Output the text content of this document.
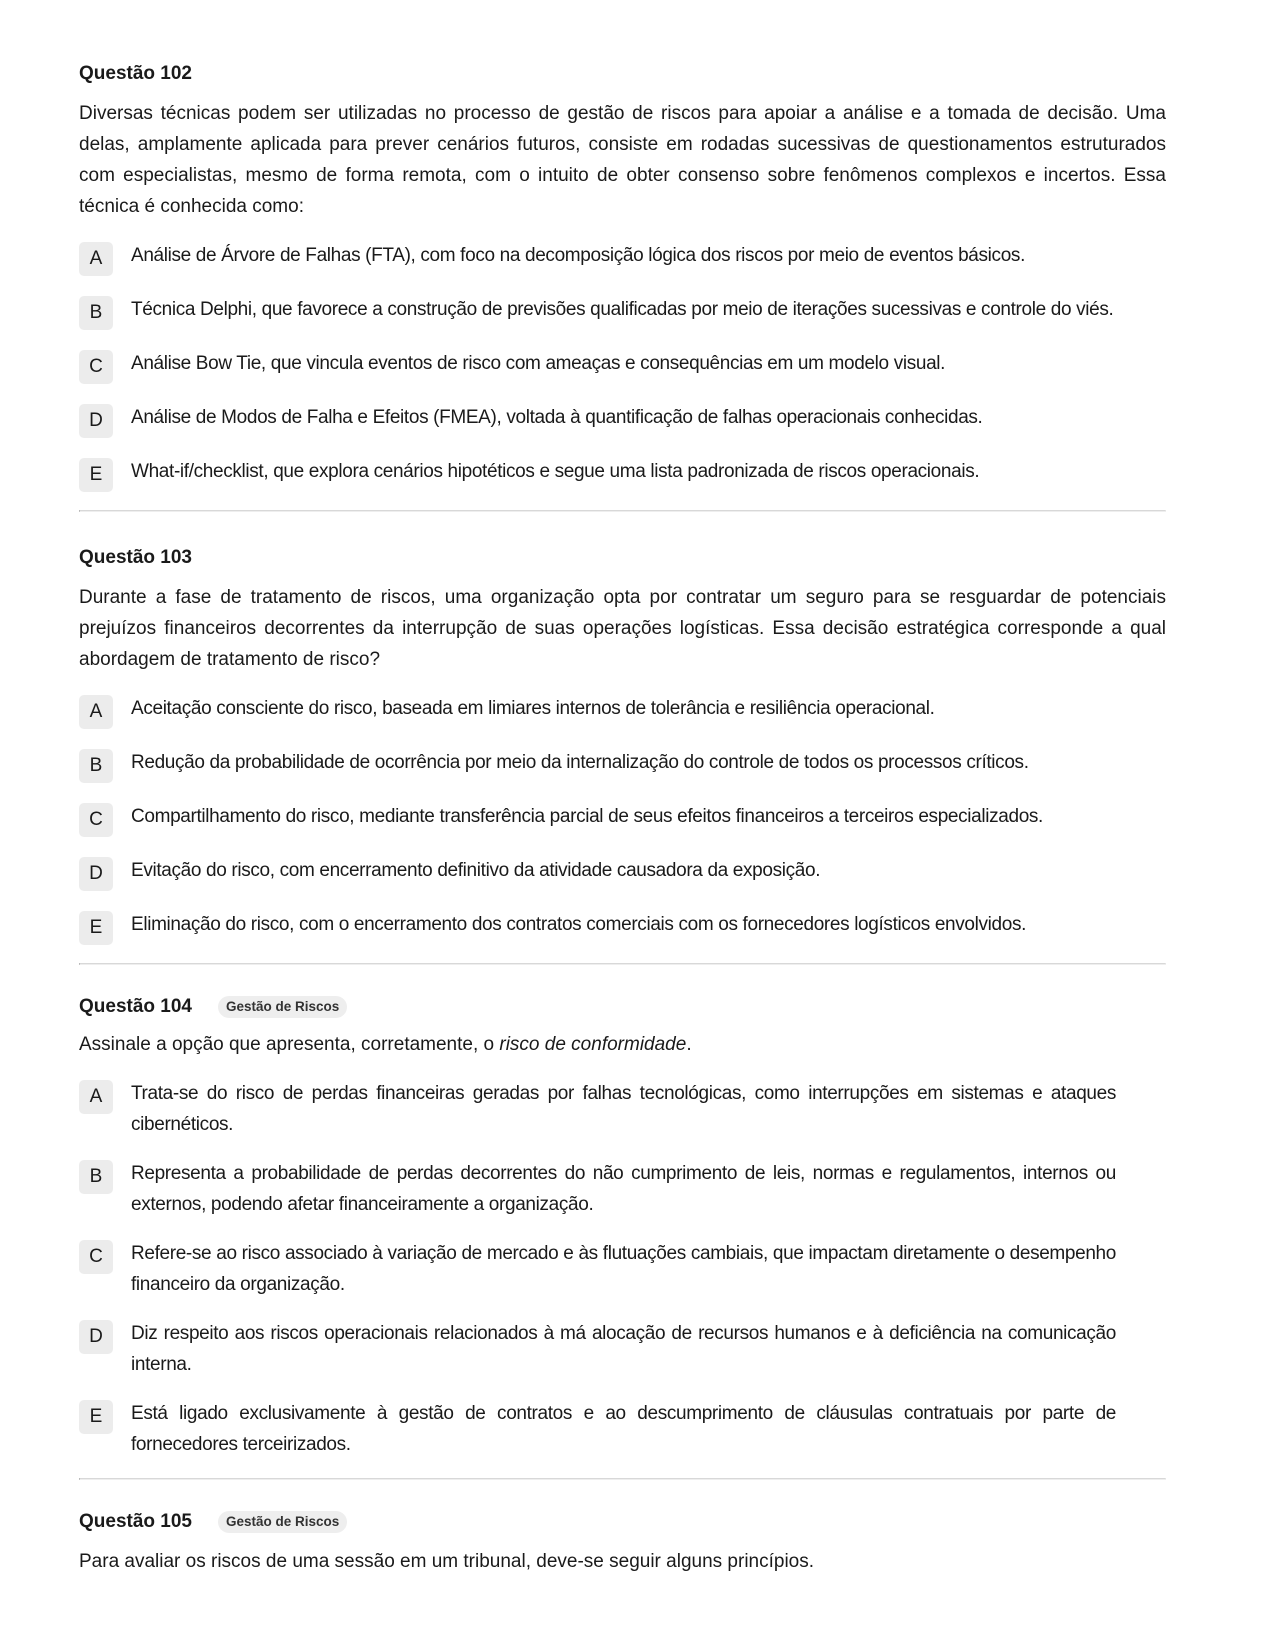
Questão 102

Diversas técnicas podem ser utilizadas no processo de gestão de riscos para apoiar a análise e a tomada de decisão. Uma delas, amplamente aplicada para prever cenários futuros, consiste em rodadas sucessivas de questionamentos estruturados com especialistas, mesmo de forma remota, com o intuito de obter consenso sobre fenômenos complexos e incertos. Essa técnica é conhecida como:

A	Análise de Árvore de Falhas (FTA), com foco na decomposição lógica dos riscos por meio de eventos básicos.
B	Técnica Delphi, que favorece a construção de previsões qualificadas por meio de iterações sucessivas e controle do viés.
C	Análise Bow Tie, que vincula eventos de risco com ameaças e consequências em um modelo visual.
D	Análise de Modos de Falha e Efeitos (FMEA), voltada à quantificação de falhas operacionais conhecidas.
E	What-if/checklist, que explora cenários hipotéticos e segue uma lista padronizada de riscos operacionais.
Questão 103

Durante a fase de tratamento de riscos, uma organização opta por contratar um seguro para se resguardar de potenciais prejuízos financeiros decorrentes da interrupção de suas operações logísticas. Essa decisão estratégica corresponde a qual abordagem de tratamento de risco?

A	Aceitação consciente do risco, baseada em limiares internos de tolerância e resiliência operacional.
B	Redução da probabilidade de ocorrência por meio da internalização do controle de todos os processos críticos.
C	Compartilhamento do risco, mediante transferência parcial de seus efeitos financeiros a terceiros especializados.
D	Evitação do risco, com encerramento definitivo da atividade causadora da exposição.
E	Eliminação do risco, com o encerramento dos contratos comerciais com os fornecedores logísticos envolvidos.
Questão 104	Gestão de Riscos

Assinale a opção que apresenta, corretamente, o risco de conformidade.

A	Trata-se do risco de perdas financeiras geradas por falhas tecnológicas, como interrupções em sistemas e ataques cibernéticos.
B	Representa a probabilidade de perdas decorrentes do não cumprimento de leis, normas e regulamentos, internos ou externos, podendo afetar financeiramente a organização.
C	Refere-se ao risco associado à variação de mercado e às flutuações cambiais, que impactam diretamente o desempenho financeiro da organização.
D	Diz respeito aos riscos operacionais relacionados à má alocação de recursos humanos e à deficiência na comunicação interna.
E	Está ligado exclusivamente à gestão de contratos e ao descumprimento de cláusulas contratuais por parte de fornecedores terceirizados.
Questão 105	Gestão de Riscos

Para avaliar os riscos de uma sessão em um tribunal, deve-se seguir alguns princípios.
